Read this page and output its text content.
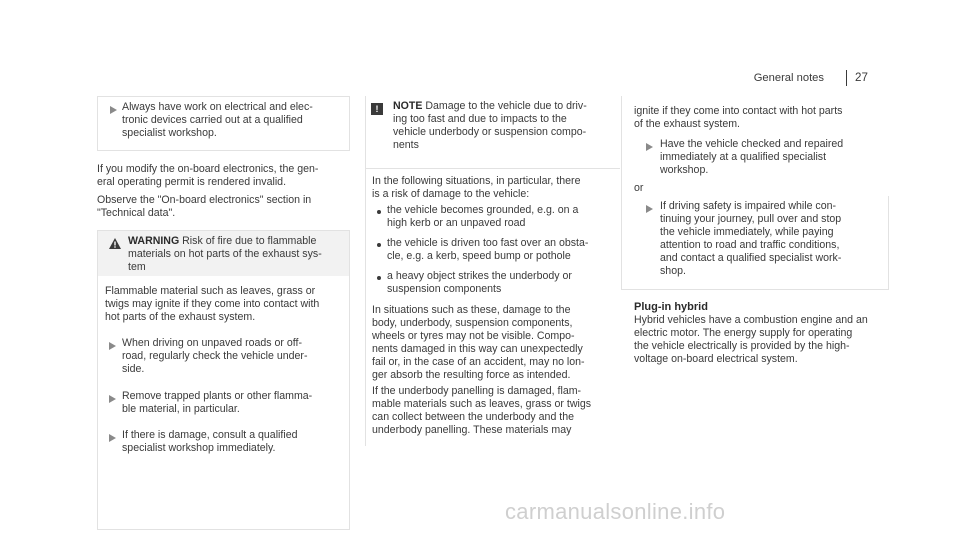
General notes	27

Always have work on electrical and elec-

tronic devices carried out at a qualified

specialist workshop.

If you modify the on-board electronics, the gen-

eral operating permit is rendered invalid.

Observe the "On-board electronics" section in

"Technical data".

WARNING Risk of fire due to flammable

materials on hot parts of the exhaust sys-

tem

Flammable material such as leaves, grass or

twigs may ignite if they come into contact with

hot parts of the exhaust system.

When driving on unpaved roads or off-

road, regularly check the vehicle under-

side.

Remove trapped plants or other flamma-

ble material, in particular.

If there is damage, consult a qualified

specialist workshop immediately.

!	NOTE Damage to the vehicle due to driv-

ing too fast and due to impacts to the

vehicle underbody or suspension compo-

nents

In the following situations, in particular, there

is a risk of damage to the vehicle:

the vehicle becomes grounded, e.g. on a

high kerb or an unpaved road

the vehicle is driven too fast over an obsta-

cle, e.g. a kerb, speed bump or pothole

a heavy object strikes the underbody or

suspension components

In situations such as these, damage to the

body, underbody, suspension components,

wheels or tyres may not be visible. Compo-

nents damaged in this way can unexpectedly

fail or, in the case of an accident, may no lon-

ger absorb the resulting force as intended.

If the underbody panelling is damaged, flam-

mable materials such as leaves, grass or twigs

can collect between the underbody and the

underbody panelling. These materials may

ignite if they come into contact with hot parts

of the exhaust system.

Have the vehicle checked and repaired

immediately at a qualified specialist

workshop.

or

If driving safety is impaired while con-

tinuing your journey, pull over and stop

the vehicle immediately, while paying

attention to road and traffic conditions,

and contact a qualified specialist work-

shop.

Plug-in hybrid

Hybrid vehicles have a combustion engine and an

electric motor. The energy supply for operating

the vehicle electrically is provided by the high-

voltage on-board electrical system.

carmanualsonline.info
